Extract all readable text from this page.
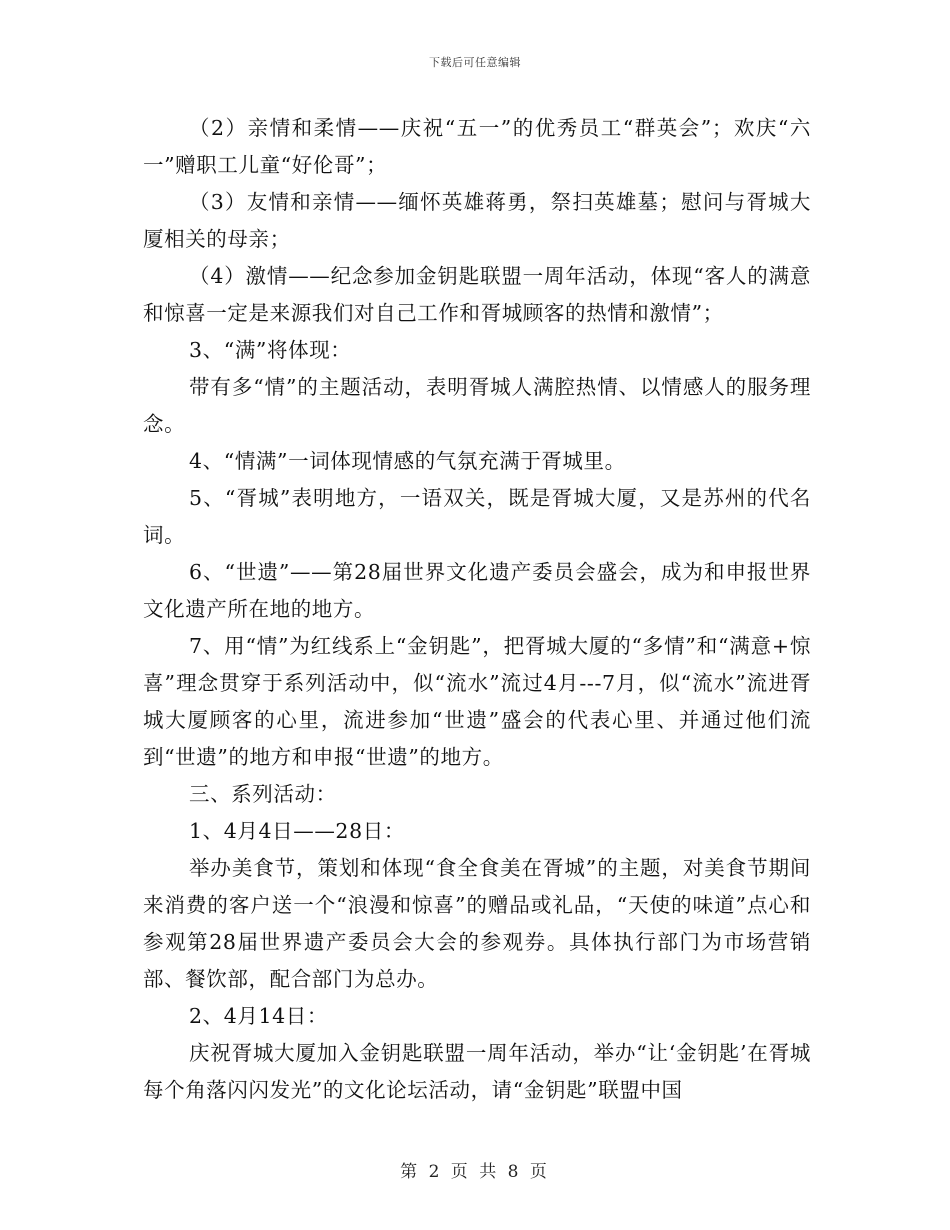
下载后可任意编辑

（2）亲情和柔情——庆祝“五一”的优秀员工“群英会”；欢庆“六一”赠职工儿童“好伦哥”；

（3）友情和亲情——缅怀英雄蒋勇，祭扫英雄墓；慰问与胥城大厦相关的母亲；

（4）激情——纪念参加金钥匙联盟一周年活动，体现“客人的满意和惊喜一定是来源我们对自己工作和胥城顾客的热情和激情”；

3、“满”将体现：

带有多“情”的主题活动，表明胥城人满腔热情、以情感人的服务理念。

4、“情满”一词体现情感的气氛充满于胥城里。

5、“胥城”表明地方，一语双关，既是胥城大厦，又是苏州的代名词。

6、“世遗”——第28届世界文化遗产委员会盛会，成为和申报世界文化遗产所在地的地方。

7、用“情”为红线系上“金钥匙”，把胥城大厦的“多情”和“满意+惊喜”理念贯穿于系列活动中，似“流水”流过4月---7月，似“流水”流进胥城大厦顾客的心里，流进参加“世遗”盛会的代表心里、并通过他们流到“世遗”的地方和申报“世遗”的地方。

三、系列活动：

1、4月4日——28日：

举办美食节，策划和体现“食全食美在胥城”的主题，对美食节期间来消费的客户送一个“浪漫和惊喜”的赠品或礼品，“天使的味道”点心和参观第28届世界遗产委员会大会的参观券。具体执行部门为市场营销部、餐饮部，配合部门为总办。

2、4月14日：

庆祝胥城大厦加入金钥匙联盟一周年活动，举办“让‘金钥匙’在胥城每个角落闪闪发光”的文化论坛活动，请“金钥匙”联盟中国

第 2 页 共 8 页
